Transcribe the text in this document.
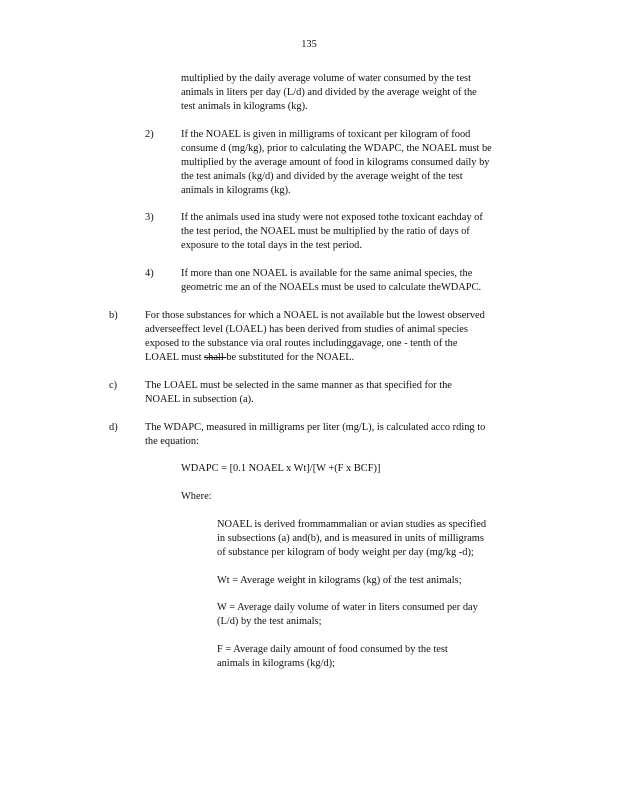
135
multiplied by the daily average volume of water consumed by the test
animals in liters per day (L/d) and divided by the average weight of the
test animals in kilograms (kg).
2)	If the NOAEL is given in milligrams of toxicant per kilogram of food
consume d (mg/kg), prior to calculating the WDAPC, the NOAEL must be
multiplied by the average amount of food in kilograms consumed daily by
the test animals (kg/d) and divided by the average weight of the test
animals in kilograms (kg).
3)	If the animals used ina study were not exposed tothe toxicant eachday of
the test period, the NOAEL must be multiplied by the ratio of days of
exposure to the total days in the test period.
4)	If more than one NOAEL is available for the same animal species, the
geometric me an of the NOAELs must be used to calculate theWDAPC.
b)	For those substances for which a NOAEL is not available but the lowest observed
adverseeffect level (LOAEL) has been derived from studies of animal species
exposed to the substance via oral routes includinggavage, one - tenth of the
LOAEL must shall be substituted for the NOAEL.
c)	The LOAEL must be selected in the same manner as that specified for the
NOAEL in subsection (a).
d)	The WDAPC, measured in milligrams per liter (mg/L), is calculated acco rding to
the equation:
WDAPC = [0.1 NOAEL x Wt]/[W +(F x BCF)]
Where:
NOAEL is derived frommammalian or avian studies as specified
in subsections (a) and(b), and is measured in units of milligrams
of substance per kilogram of body weight per day (mg/kg -d);
Wt = Average weight in kilograms (kg) of the test animals;
W = Average daily volume of water in liters consumed per day
(L/d) by the test animals;
F = Average daily amount of food consumed by the test
animals in kilograms (kg/d);
